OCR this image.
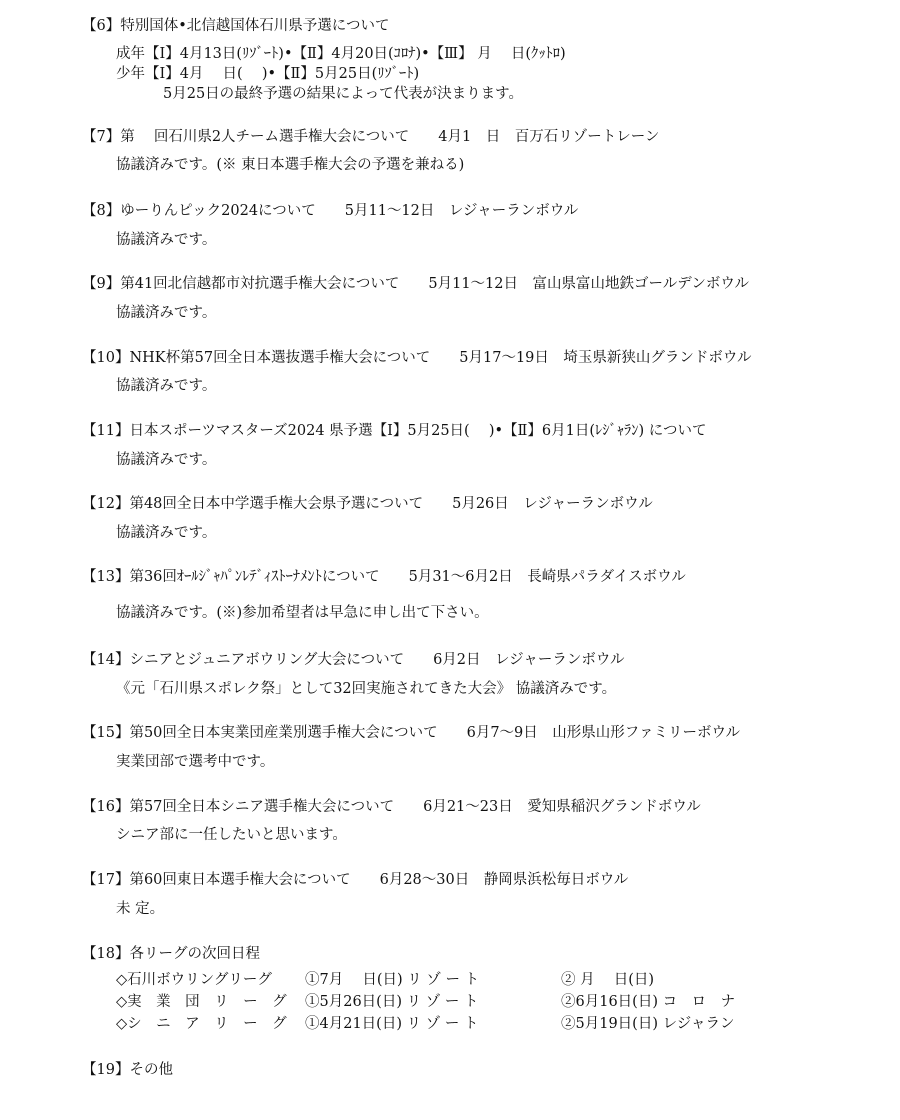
【6】特別国体•北信越国体石川県予選について
成年【Ⅰ】4月13日(ﾘｿﾞｰﾄ)•【Ⅱ】4月20日(ｺﾛﾅ)•【Ⅲ】 月　 日(ｸｯﾄﾛ)
少年【Ⅰ】4月　 日(　 )•【Ⅱ】5月25日(ﾘｿﾞｰﾄ)
5月25日の最終予選の結果によって代表が決まります。
【7】第　 回石川県2人チーム選手権大会について　　4月1　日　百万石リゾートレーン
協議済みです。(※ 東日本選手権大会の予選を兼ねる)
【8】ゆーりんピック2024について　　5月11〜12日　レジャーランボウル
協議済みです。
【9】第41回北信越都市対抗選手権大会について　　5月11〜12日　富山県富山地鉄ゴールデンボウル
協議済みです。
【10】NHK杯第57回全日本選抜選手権大会について　　5月17〜19日　埼玉県新狭山グランドボウル
協議済みです。
【11】日本スポーツマスターズ2024 県予選【Ⅰ】5月25日(　 )•【Ⅱ】6月1日(ﾚｼﾞｬﾗﾝ) について
協議済みです。
【12】第48回全日本中学選手権大会県予選について　　5月26日　レジャーランボウル
協議済みです。
【13】第36回ｵｰﾙｼﾞｬﾊﾟﾝﾚﾃﾞｨｽﾄｰﾅﾒﾝﾄについて　　5月31〜6月2日　長崎県パラダイスボウル
協議済みです。(※)参加希望者は早急に申し出て下さい。
【14】シニアとジュニアボウリング大会について　　6月2日　レジャーランボウル
《元「石川県スポレク祭」として32回実施されてきた大会》 協議済みです。
【15】第50回全日本実業団産業別選手権大会について　　6月7〜9日　山形県山形ファミリーボウル
実業団部で選考中です。
【16】第57回全日本シニア選手権大会について　　6月21〜23日　愛知県稲沢グランドボウル
シニア部に一任したいと思います。
【17】第60回東日本選手権大会について　　6月28〜30日　静岡県浜松毎日ボウル
未 定。
【18】各リーグの次回日程
◇石川ボウリングリーグ ①7月　 日(日) リ ゾ ー ト	② 月　 日(日)
◇実　業　団　リ　ー　グ ①5月26日(日) リ ゾ ー ト	②6月16日(日) コ　ロ　ナ
◇シ　ニ　ア　リ　ー　グ ①4月21日(日) リ ゾ ー ト	②5月19日(日) レジャラン
【19】その他
